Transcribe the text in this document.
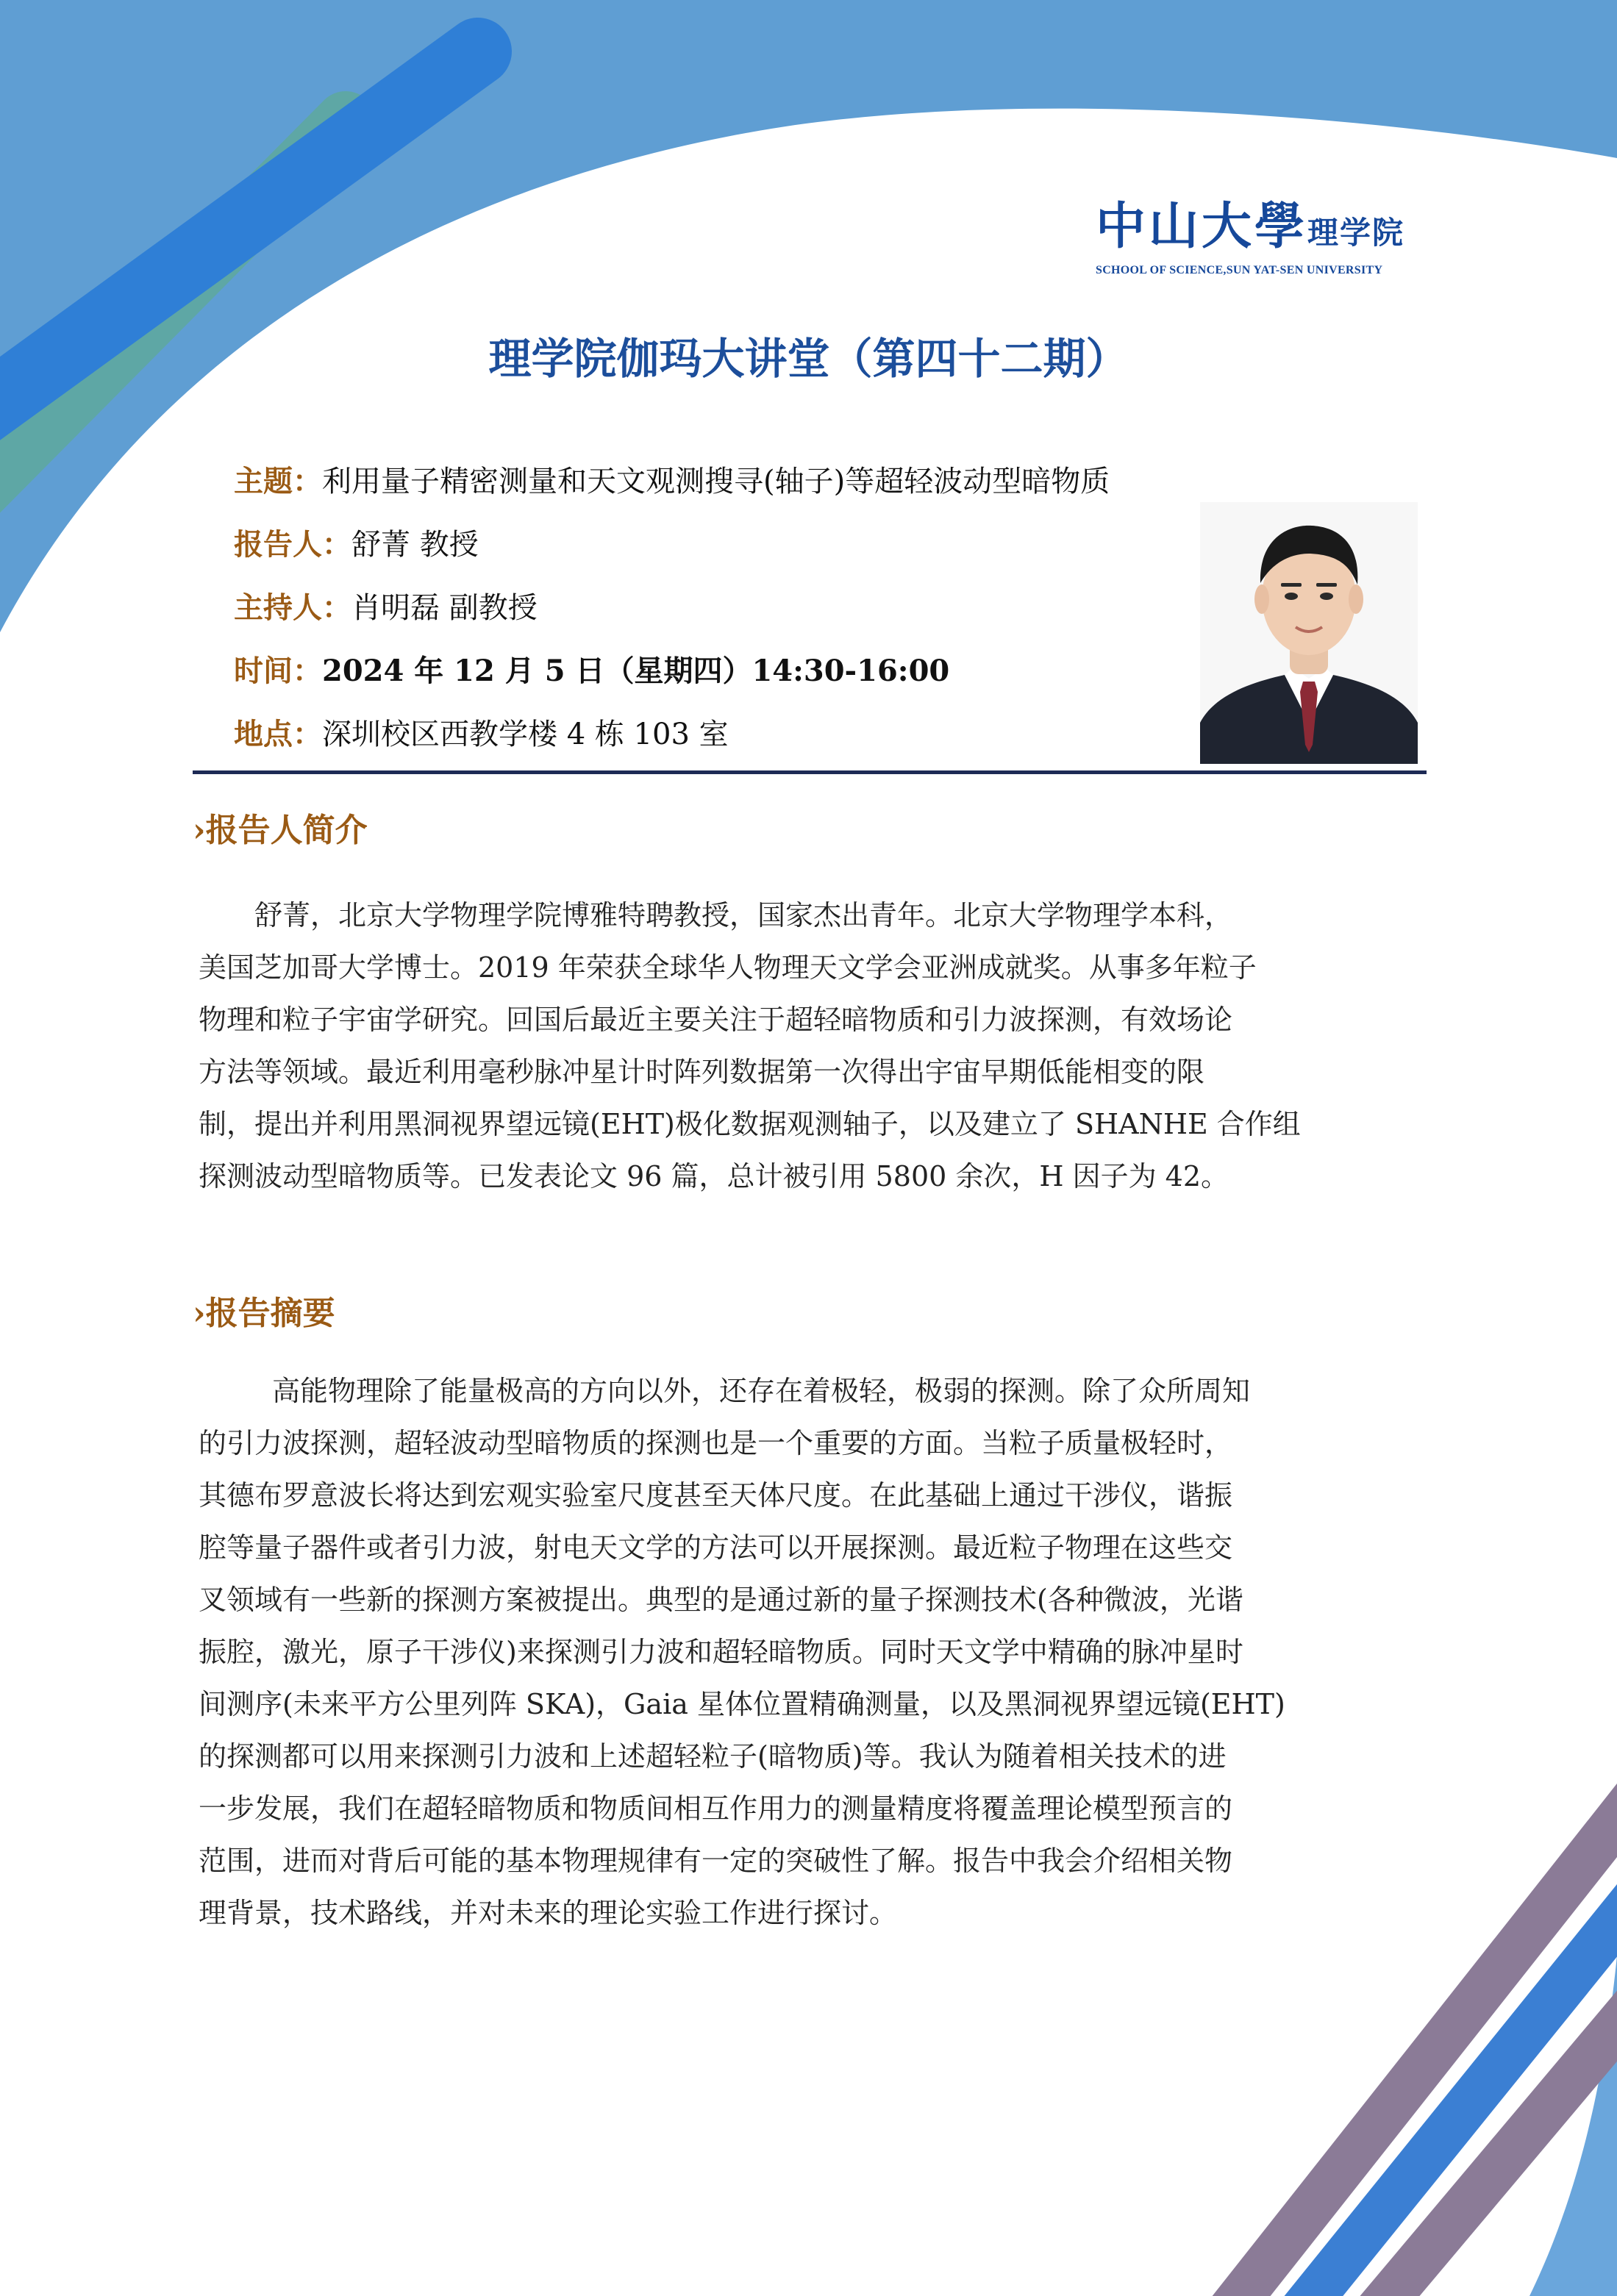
中山大學理学院
SCHOOL OF SCIENCE,SUN YAT-SEN UNIVERSITY
理学院伽玛大讲堂（第四十二期）
主题：利用量子精密测量和天文观测搜寻(轴子)等超轻波动型暗物质
报告人：舒菁 教授
主持人：肖明磊 副教授
时间：2024 年 12 月 5 日（星期四）14:30-16:00
地点：深圳校区西教学楼 4 栋 103 室
›报告人简介
舒菁，北京大学物理学院博雅特聘教授，国家杰出青年。北京大学物理学本科，
美国芝加哥大学博士。2019 年荣获全球华人物理天文学会亚洲成就奖。从事多年粒子
物理和粒子宇宙学研究。回国后最近主要关注于超轻暗物质和引力波探测，有效场论
方法等领域。最近利用毫秒脉冲星计时阵列数据第一次得出宇宙早期低能相变的限
制，提出并利用黑洞视界望远镜(EHT)极化数据观测轴子，以及建立了 SHANHE 合作组
探测波动型暗物质等。已发表论文 96 篇，总计被引用 5800 余次，H 因子为 42。
›报告摘要
高能物理除了能量极高的方向以外，还存在着极轻，极弱的探测。除了众所周知
的引力波探测，超轻波动型暗物质的探测也是一个重要的方面。当粒子质量极轻时，
其德布罗意波长将达到宏观实验室尺度甚至天体尺度。在此基础上通过干涉仪，谐振
腔等量子器件或者引力波，射电天文学的方法可以开展探测。最近粒子物理在这些交
叉领域有一些新的探测方案被提出。典型的是通过新的量子探测技术(各种微波，光谐
振腔，激光，原子干涉仪)来探测引力波和超轻暗物质。同时天文学中精确的脉冲星时
间测序(未来平方公里列阵 SKA)，Gaia 星体位置精确测量，以及黑洞视界望远镜(EHT)
的探测都可以用来探测引力波和上述超轻粒子(暗物质)等。我认为随着相关技术的进
一步发展，我们在超轻暗物质和物质间相互作用力的测量精度将覆盖理论模型预言的
范围，进而对背后可能的基本物理规律有一定的突破性了解。报告中我会介绍相关物
理背景，技术路线，并对未来的理论实验工作进行探讨。
